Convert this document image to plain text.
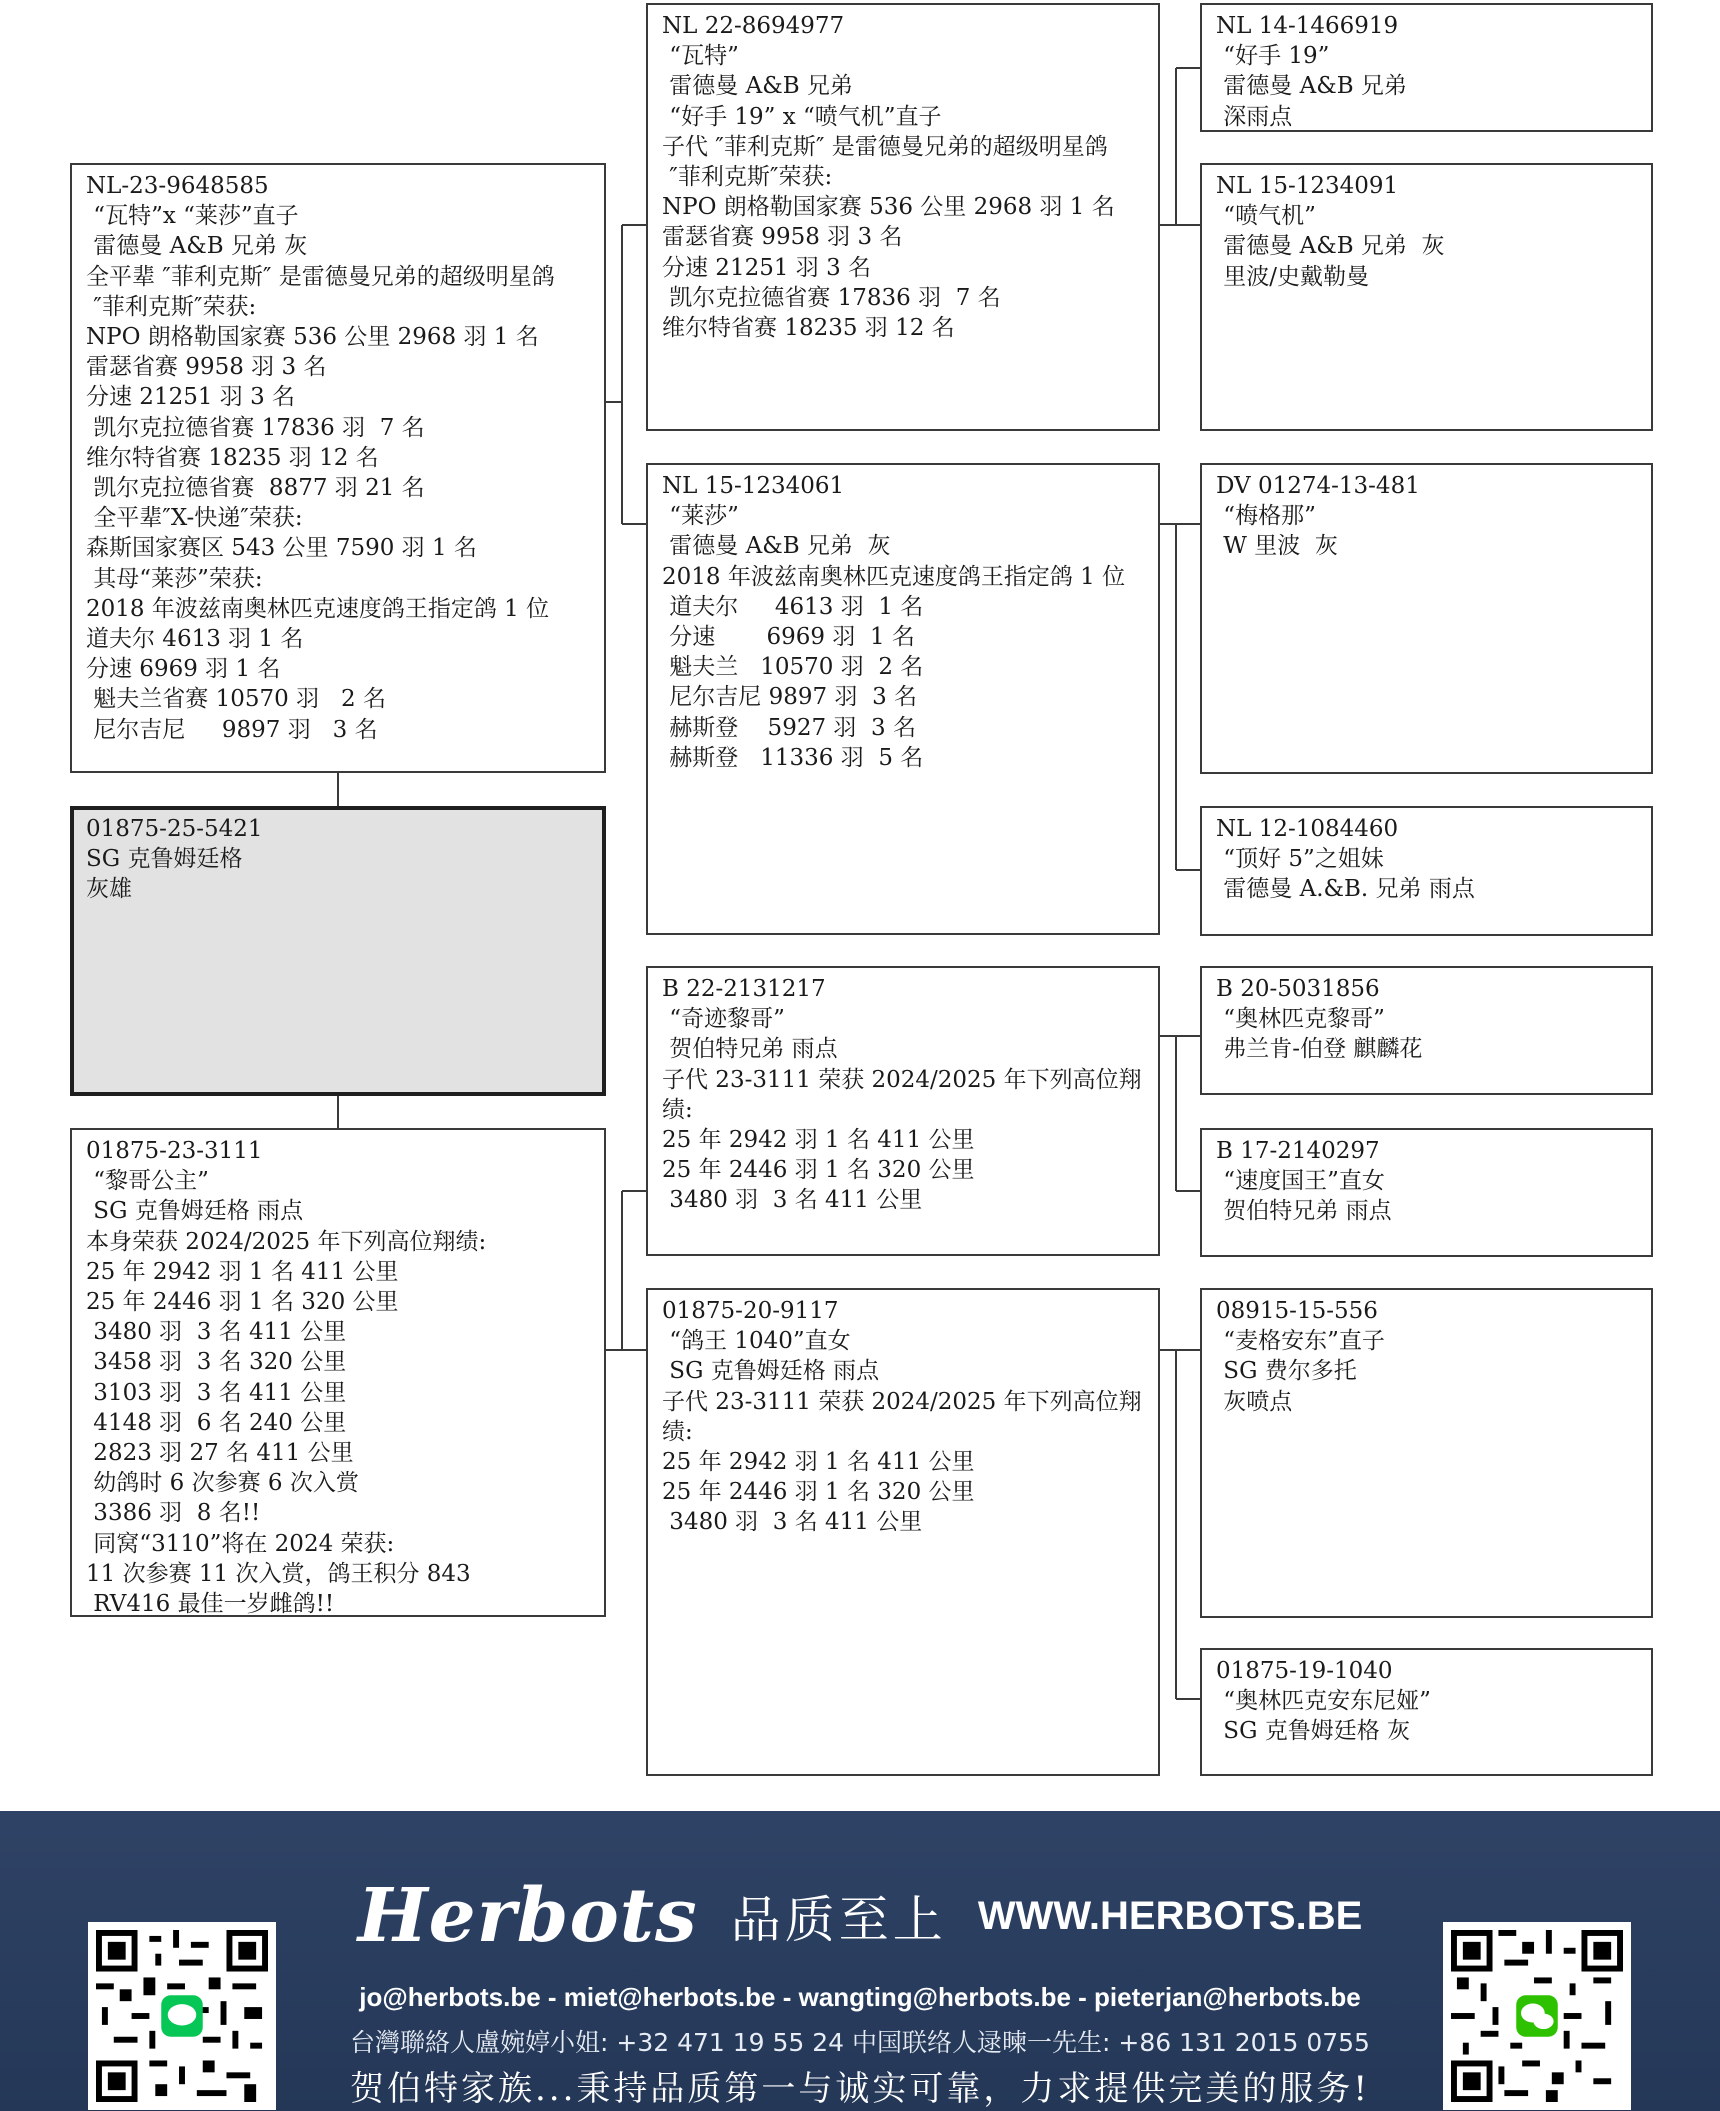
NL-23-9648585
“瓦特”x “莱莎”直子
雷德曼 A&B 兄弟 灰
全平辈 ″菲利克斯″ 是雷德曼兄弟的超级明星鸽
″菲利克斯″荣获:
NPO 朗格勒国家赛 536 公里 2968 羽 1 名
雷瑟省赛 9958 羽 3 名
分速 21251 羽 3 名
凯尔克拉德省赛 17836 羽  7 名
维尔特省赛 18235 羽 12 名
凯尔克拉德省赛  8877 羽 21 名
全平辈″X-快递″荣获:
森斯国家赛区 543 公里 7590 羽 1 名
其母“莱莎”荣获:
2018 年波兹南奥林匹克速度鸽王指定鸽 1 位
道夫尔 4613 羽 1 名
分速 6969 羽 1 名
魁夫兰省赛 10570 羽   2 名
尼尔吉尼     9897 羽   3 名
01875-25-5421
SG 克鲁姆廷格
灰雄
01875-23-3111
“黎哥公主”
SG 克鲁姆廷格 雨点
本身荣获 2024/2025 年下列高位翔绩:
25 年 2942 羽 1 名 411 公里
25 年 2446 羽 1 名 320 公里
3480 羽  3 名 411 公里
3458 羽  3 名 320 公里
3103 羽  3 名 411 公里
4148 羽  6 名 240 公里
2823 羽 27 名 411 公里
幼鸽时 6 次参赛 6 次入赏
3386 羽  8 名!!
同窝“3110”将在 2024 荣获:
11 次参赛 11 次入赏，鸽王积分 843
RV416 最佳一岁雌鸽!!
NL 22-8694977
“瓦特”
雷德曼 A&B 兄弟
“好手 19” x “喷气机”直子
子代 ″菲利克斯″ 是雷德曼兄弟的超级明星鸽
″菲利克斯″荣获:
NPO 朗格勒国家赛 536 公里 2968 羽 1 名
雷瑟省赛 9958 羽 3 名
分速 21251 羽 3 名
凯尔克拉德省赛 17836 羽  7 名
维尔特省赛 18235 羽 12 名
NL 15-1234061
“莱莎”
雷德曼 A&B 兄弟  灰
2018 年波兹南奥林匹克速度鸽王指定鸽 1 位
道夫尔     4613 羽  1 名
分速       6969 羽  1 名
魁夫兰   10570 羽  2 名
尼尔吉尼 9897 羽  3 名
赫斯登    5927 羽  3 名
赫斯登   11336 羽  5 名
B 22-2131217
“奇迹黎哥”
贺伯特兄弟 雨点
子代 23-3111 荣获 2024/2025 年下列高位翔绩:
25 年 2942 羽 1 名 411 公里
25 年 2446 羽 1 名 320 公里
3480 羽  3 名 411 公里
01875-20-9117
“鸽王 1040”直女
SG 克鲁姆廷格 雨点
子代 23-3111 荣获 2024/2025 年下列高位翔绩:
25 年 2942 羽 1 名 411 公里
25 年 2446 羽 1 名 320 公里
3480 羽  3 名 411 公里
NL 14-1466919
“好手 19”
雷德曼 A&B 兄弟
深雨点
NL 15-1234091
“喷气机”
雷德曼 A&B 兄弟  灰
里波/史戴勒曼
DV 01274-13-481
“梅格那”
W 里波  灰
NL 12-1084460
“顶好 5”之姐妹
雷德曼 A.&B. 兄弟 雨点
B 20-5031856
“奥林匹克黎哥”
弗兰肯-伯登 麒麟花
B 17-2140297
“速度国王”直女
贺伯特兄弟 雨点
08915-15-556
“麦格安东”直子
SG 费尔多托
灰喷点
01875-19-1040
“奥林匹克安东尼娅”
SG 克鲁姆廷格 灰
Herbots 品质至上 WWW.HERBOTS.BE
jo@herbots.be - miet@herbots.be - wangting@herbots.be - pieterjan@herbots.be
台灣聯絡人盧婉婷小姐: +32 471 19 55 24 中国联络人逯暕一先生: +86 131 2015 0755
贺伯特家族...秉持品质第一与诚实可靠，力求提供完美的服务!
